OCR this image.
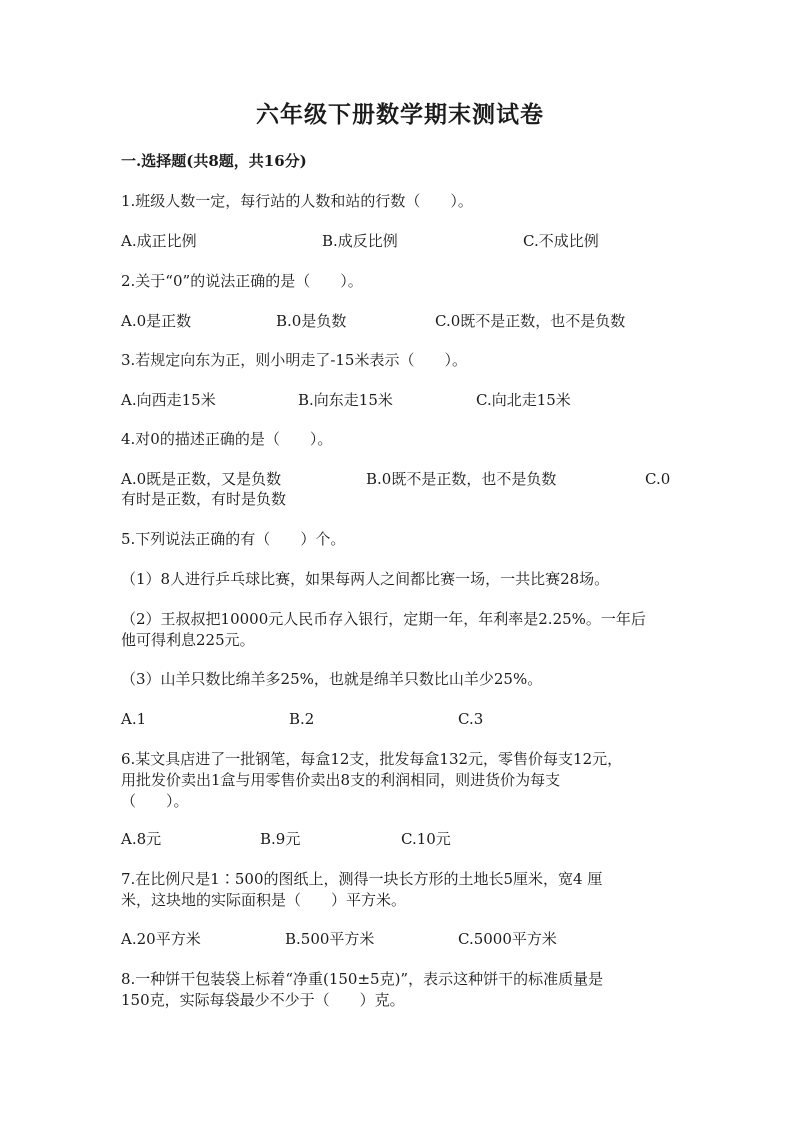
六年级下册数学期末测试卷
一.选择题(共8题，共16分)
1.班级人数一定，每行站的人数和站的行数（　　）。
A.成正比例	B.成反比例	C.不成比例
2.关于“0”的说法正确的是（　　）。
A.0是正数	B.0是负数	C.0既不是正数，也不是负数
3.若规定向东为正，则小明走了-15米表示（　　）。
A.向西走15米	B.向东走15米	C.向北走15米
4.对0的描述正确的是（　　）。
A.0既是正数，又是负数	B.0既不是正数，也不是负数	C.0
有时是正数，有时是负数
5.下列说法正确的有（　　）个。
（1）8人进行乒乓球比赛，如果每两人之间都比赛一场，一共比赛28场。
（2）王叔叔把10000元人民币存入银行，定期一年，年利率是2.25%。一年后
他可得利息225元。
（3）山羊只数比绵羊多25%，也就是绵羊只数比山羊少25%。
A.1	B.2	C.3
6.某文具店进了一批钢笔，每盒12支，批发每盒132元，零售价每支12元，
用批发价卖出1盒与用零售价卖出8支的利润相同，则进货价为每支
（　　）。
A.8元	B.9元	C.10元
7.在比例尺是1∶500的图纸上，测得一块长方形的土地长5厘米，宽4 厘
米，这块地的实际面积是（　　）平方米。
A.20平方米	B.500平方米	C.5000平方米
8.一种饼干包装袋上标着“净重(150±5克)”，表示这种饼干的标准质量是
150克，实际每袋最少不少于（　　）克。
